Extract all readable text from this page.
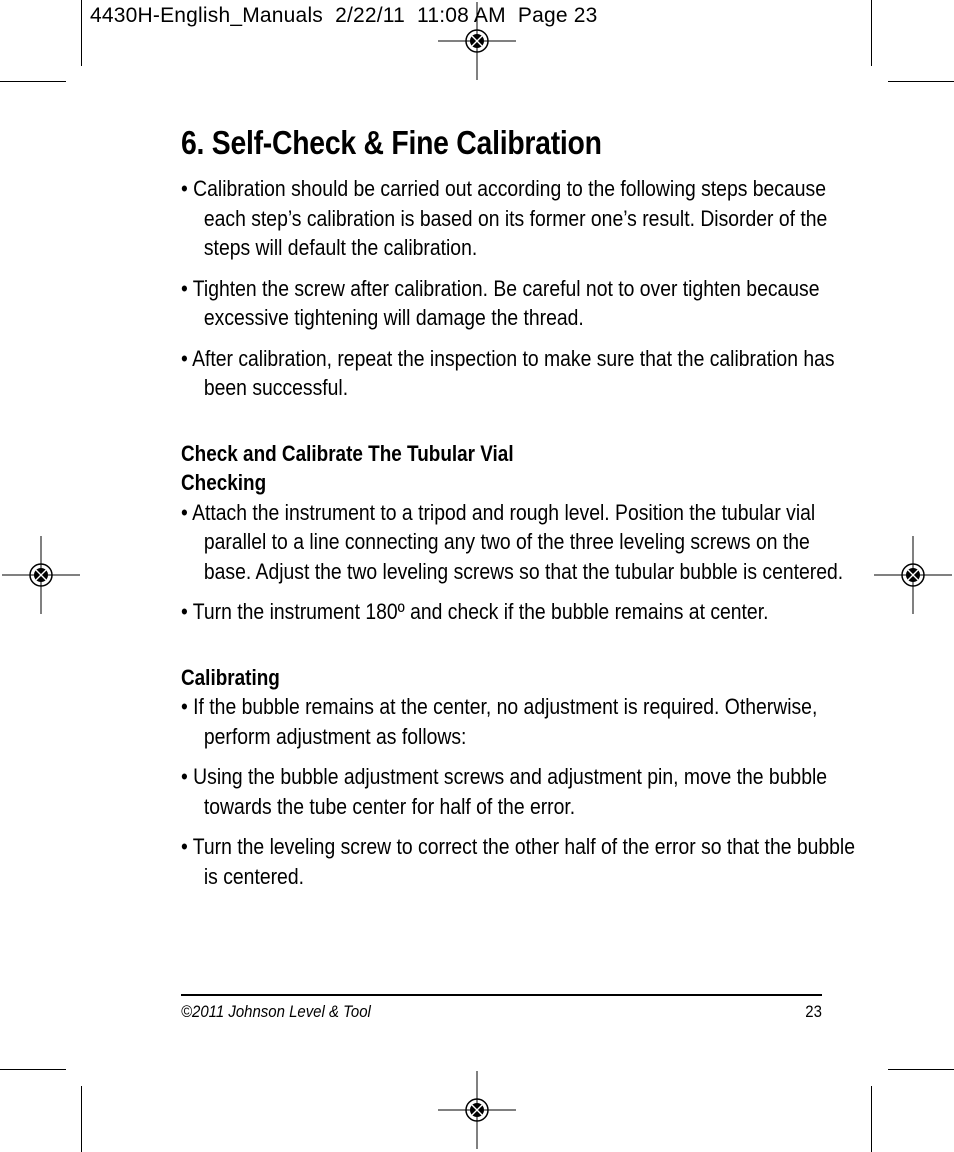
4430H-English_Manuals  2/22/11  11:08 AM  Page 23
6. Self-Check & Fine Calibration

• Calibration should be carried out according to the following steps because each step’s calibration is based on its former one’s result. Disorder of the steps will default the calibration.

• Tighten the screw after calibration. Be careful not to over tighten because excessive tightening will damage the thread.

• After calibration, repeat the inspection to make sure that the calibration has been successful.

Check and Calibrate The Tubular Vial
Checking

• Attach the instrument to a tripod and rough level. Position the tubular vial parallel to a line connecting any two of the three leveling screws on the base. Adjust the two leveling screws so that the tubular bubble is centered.

• Turn the instrument 180º and check if the bubble remains at center.

Calibrating

• If the bubble remains at the center, no adjustment is required. Otherwise, perform adjustment as follows:

• Using the bubble adjustment screws and adjustment pin, move the bubble towards the tube center for half of the error.

• Turn the leveling screw to correct the other half of the error so that the bubble is centered.

©2011 Johnson Level & Tool	23
